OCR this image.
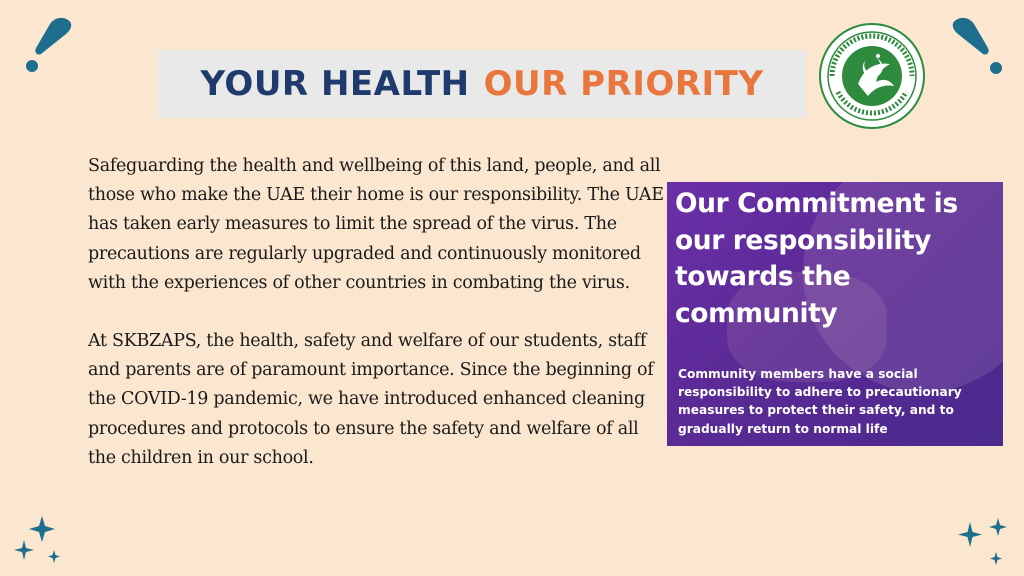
YOUR HEALTH OUR PRIORITY

Safeguarding the health and wellbeing of this land, people, and all those who make the UAE their home is our responsibility. The UAE has taken early measures to limit the spread of the virus. The precautions are regularly upgraded and continuously monitored with the experiences of other countries in combating the virus.

At SKBZAPS, the health, safety and welfare of our students, staff and parents are of paramount importance. Since the beginning of the COVID-19 pandemic, we have introduced enhanced cleaning procedures and protocols to ensure the safety and welfare of all the children in our school.

Our Commitment is our responsibility towards the community
Community members have a social responsibility to adhere to precautionary measures to protect their safety, and to gradually return to normal life
